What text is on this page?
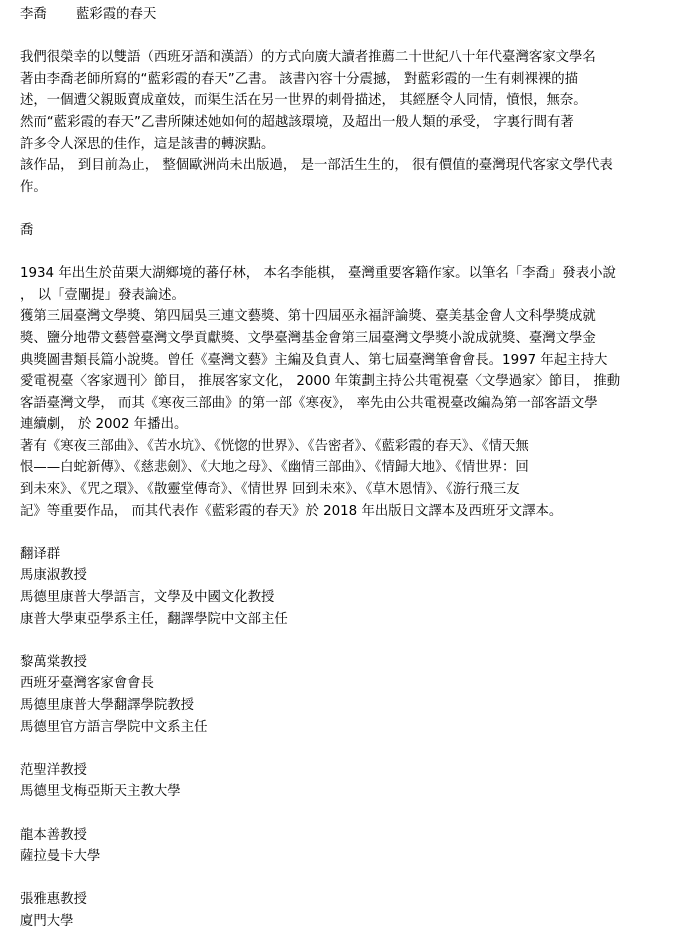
李喬 藍彩霞的春天
我們很榮幸的以雙語（西班牙語和漢語）的方式向廣大讀者推薦二十世紀八十年代臺灣客家文學名
著由李喬老師所寫的“藍彩霞的春天”乙書。 該書內容十分震撼， 對藍彩霞的一生有刺裸裸的描
述，一個遭父親販賣成童妓，而渠生活在另一世界的刺骨描述， 其經歷令人同情，憤恨，無奈。
然而“藍彩霞的春天”乙書所陳述她如何的超越該環境，及超出一般人類的承受， 字裏行間有著
許多令人深思的佳作，這是該書的轉淚點。
該作品， 到目前為止， 整個歐洲尚未出版過， 是一部活生生的， 很有價值的臺灣現代客家文學代表
作。
喬
1934 年出生於苗栗大湖鄉境的蕃仔林， 本名李能棋， 臺灣重要客籍作家。以筆名「李喬」發表小說
， 以「壹闡提」發表論述。
獲第三屆臺灣文學獎、第四屆吳三連文藝獎、第十四屆巫永福評論獎、臺美基金會人文科學獎成就
獎、鹽分地帶文藝營臺灣文學貢獻獎、文學臺灣基金會第三屆臺灣文學獎小說成就獎、臺灣文學金
典獎圖書類長篇小說獎。曾任《臺灣文藝》主編及負責人、第七屆臺灣筆會會長。1997 年起主持大
愛電視臺〈客家週刊〉節目， 推展客家文化， 2000 年策劃主持公共電視臺〈文學過家〉節目， 推動
客語臺灣文學， 而其《寒夜三部曲》的第一部《寒夜》， 率先由公共電視臺改編為第一部客語文學
連續劇， 於 2002 年播出。
著有《寒夜三部曲》、《苦水坑》、《恍惚的世界》、《告密者》、《藍彩霞的春天》、《情天無
恨——白蛇新傳》、《慈悲劍》、《大地之母》、《幽情三部曲》、《情歸大地》、《情世界：回
到未來》、《咒之環》、《散靈堂傳奇》、《情世界 回到未來》、《草木恩情》、《游行飛三友
記》等重要作品， 而其代表作《藍彩霞的春天》於 2018 年出版日文譯本及西班牙文譯本。
翻译群
馬康淑教授
馬德里康普大學語言，文學及中國文化教授
康普大學東亞學系主任，翻譯學院中文部主任
黎萬棠教授
西班牙臺灣客家會會長
馬德里康普大學翻譯學院教授
馬德里官方語言學院中文系主任
范聖洋教授
馬德里戈梅亞斯天主教大學
龍本善教授
薩拉曼卡大學
張雅惠教授
廈門大學
